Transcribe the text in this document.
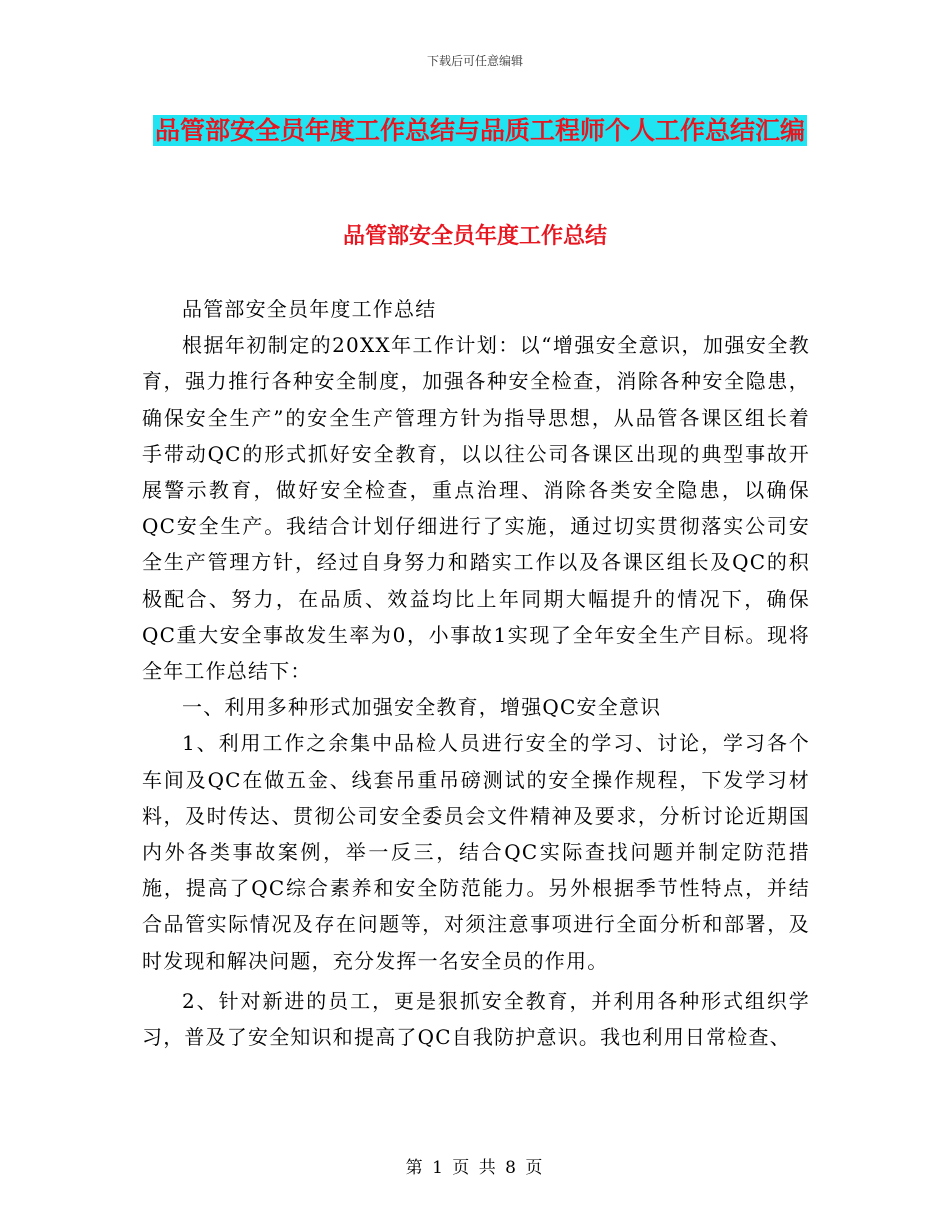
下载后可任意编辑
品管部安全员年度工作总结与品质工程师个人工作总结汇编
品管部安全员年度工作总结

品管部安全员年度工作总结

根据年初制定的20XX年工作计划：以“增强安全意识，加强安全教育，强力推行各种安全制度，加强各种安全检查，消除各种安全隐患，确保安全生产”的安全生产管理方针为指导思想，从品管各课区组长着手带动QC的形式抓好安全教育，以以往公司各课区出现的典型事故开展警示教育，做好安全检查，重点治理、消除各类安全隐患，以确保QC安全生产。我结合计划仔细进行了实施，通过切实贯彻落实公司安全生产管理方针，经过自身努力和踏实工作以及各课区组长及QC的积极配合、努力，在品质、效益均比上年同期大幅提升的情况下，确保QC重大安全事故发生率为0，小事故1实现了全年安全生产目标。现将全年工作总结下：

一、利用多种形式加强安全教育，增强QC安全意识

1、利用工作之余集中品检人员进行安全的学习、讨论，学习各个车间及QC在做五金、线套吊重吊磅测试的安全操作规程，下发学习材料，及时传达、贯彻公司安全委员会文件精神及要求，分析讨论近期国内外各类事故案例，举一反三，结合QC实际查找问题并制定防范措施，提高了QC综合素养和安全防范能力。另外根据季节性特点，并结合品管实际情况及存在问题等，对须注意事项进行全面分析和部署，及时发现和解决问题，充分发挥一名安全员的作用。

2、针对新进的员工，更是狠抓安全教育，并利用各种形式组织学习，普及了安全知识和提高了QC自我防护意识。我也利用日常检查、

第 1 页 共 8 页
